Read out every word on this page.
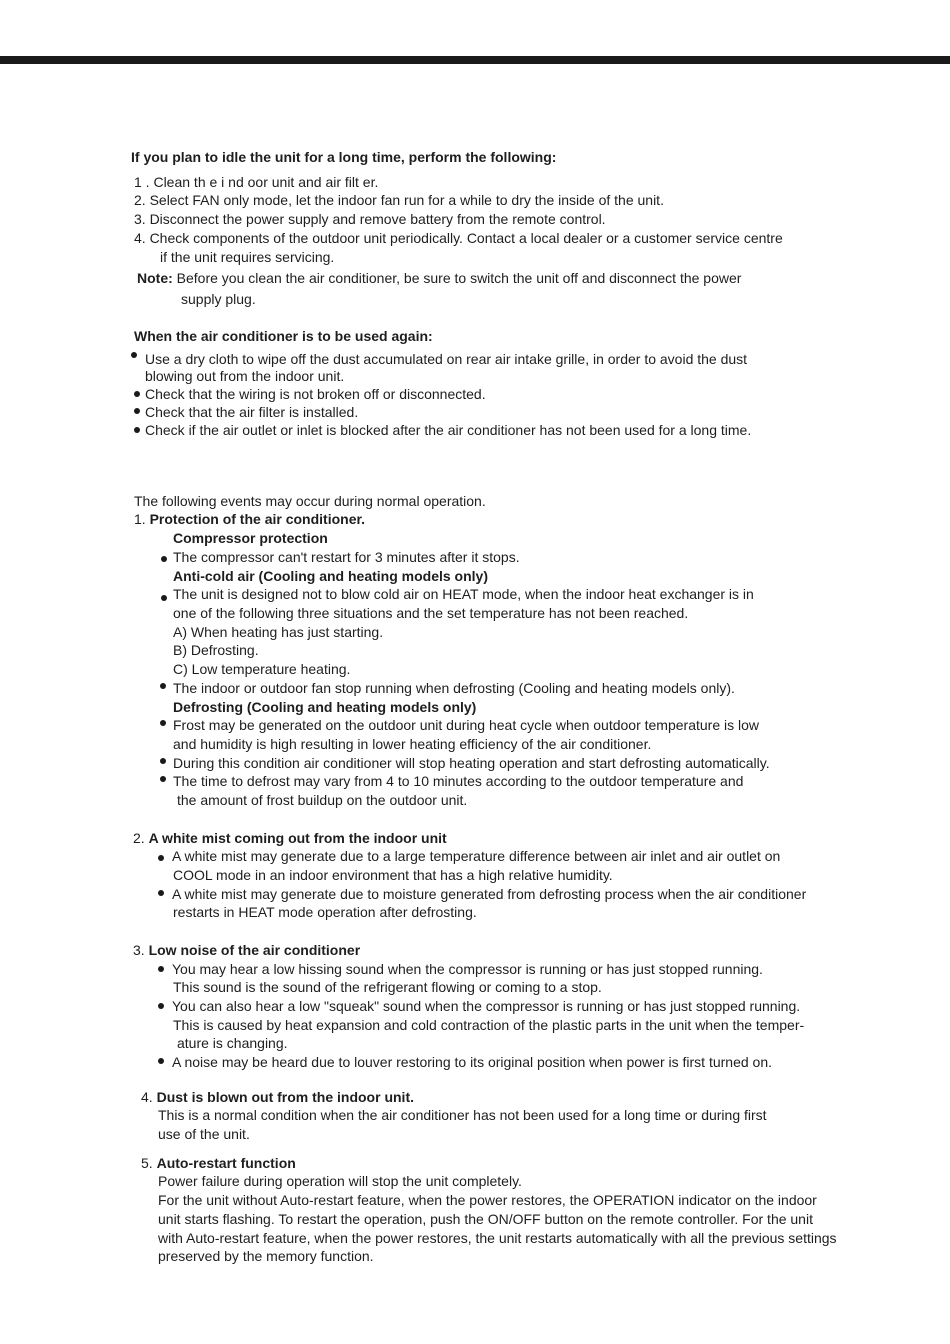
If you plan to idle the unit for a long time, perform the following:
1 . Clean th e i nd oor unit and air filt er.
2. Select FAN only mode, let the indoor fan run for a while to dry the inside of the unit.
3. Disconnect the power supply and remove battery from the remote control.
4. Check components of the outdoor unit periodically. Contact a local dealer or a customer service centre
if the unit requires servicing.
Note: Before you clean the air conditioner, be sure to switch the unit off and disconnect the power
supply plug.
When the air conditioner is to be used again:
Use a dry cloth to wipe off the dust accumulated on rear air intake grille, in order to avoid the dust
blowing out from the indoor unit.
Check that the wiring is not broken off or disconnected.
Check that the air filter is installed.
Check if the air outlet or inlet is blocked after the air conditioner has not been used for a long time.
The following events may occur during normal operation.
1. Protection of the air conditioner.
Compressor protection
The compressor can't restart for 3 minutes after it stops.
Anti-cold air (Cooling and heating models only)
The unit is designed not to blow cold air on HEAT mode, when the indoor heat exchanger is in
one of the following three situations and the set temperature has not been reached.
A) When heating has just starting.
B) Defrosting.
C) Low temperature heating.
The indoor or outdoor fan stop running when defrosting (Cooling and heating models only).
Defrosting (Cooling and heating models only)
Frost may be generated on the outdoor unit during heat cycle when outdoor temperature is low
and humidity is high resulting in lower heating efficiency of the air conditioner.
During this condition air conditioner will stop heating operation and start defrosting automatically.
The time to defrost may vary from 4 to 10 minutes according to the outdoor temperature and
the amount of frost buildup on the outdoor unit.
2. A white mist coming out from the indoor unit
A white mist may generate due to a large temperature difference between air inlet and air outlet on
COOL mode in an indoor environment that has a high relative humidity.
A white mist may generate due to moisture generated from defrosting process when the air conditioner
restarts in HEAT mode operation after defrosting.
3. Low noise of the air conditioner
You may hear a low hissing sound when the compressor is running or has just stopped running.
This sound is the sound of the refrigerant flowing or coming to a stop.
You can also hear a low "squeak" sound when the compressor is running or has just stopped running.
This is caused by heat expansion and cold contraction of the plastic parts in the unit when the temper-
ature is changing.
A noise may be heard due to louver restoring to its original position when power is first turned on.
4. Dust is blown out from the indoor unit.
This is a normal condition when the air conditioner has not been used for a long time or during first
use of the unit.
5. Auto-restart function
Power failure during operation will stop the unit completely.
For the unit without Auto-restart feature, when the power restores, the OPERATION indicator on the indoor
unit starts flashing. To restart the operation, push the ON/OFF button on the remote controller. For the unit
with Auto-restart feature, when the power restores, the unit restarts automatically with all the previous settings
preserved by the memory function.
